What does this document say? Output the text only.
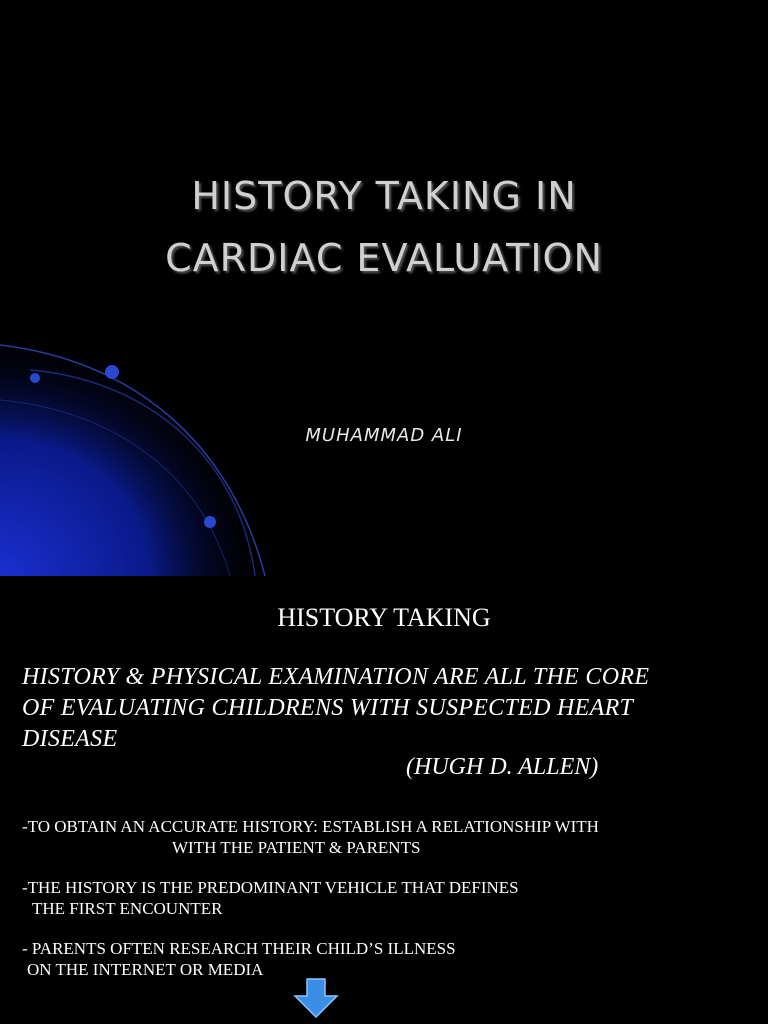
HISTORY TAKING IN
CARDIAC EVALUATION
MUHAMMAD ALI
HISTORY TAKING
HISTORY & PHYSICAL EXAMINATION ARE ALL THE CORE
OF EVALUATING CHILDRENS WITH SUSPECTED HEART
DISEASE
(HUGH D. ALLEN)
-TO OBTAIN AN ACCURATE HISTORY: ESTABLISH A RELATIONSHIP WITH
WITH THE PATIENT & PARENTS
-THE HISTORY IS THE PREDOMINANT VEHICLE THAT DEFINES
THE FIRST ENCOUNTER
- PARENTS OFTEN RESEARCH THEIR CHILD’S ILLNESS
ON THE INTERNET OR MEDIA
